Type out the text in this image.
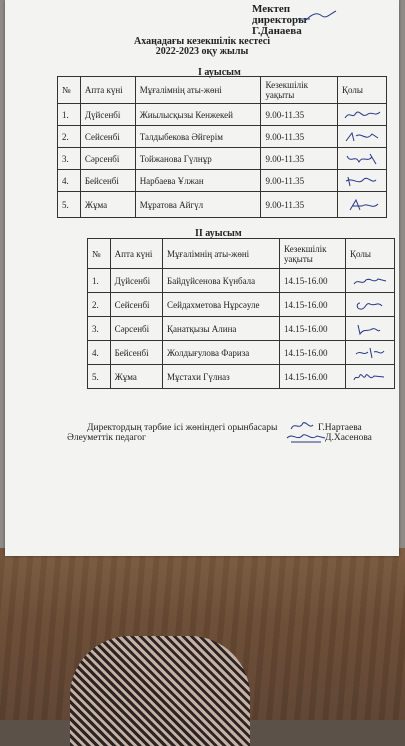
Мектеп директоры
Г.Данаева
Ахаңадағы кезекшілік кестесі
2022-2023 оқу жылы
I ауысым
№	Апта күні	Мұғалімнің аты-жөні	Кезекшілік уақыты	Қолы
1.	Дүйсенбі	Жиылысқызы Кенжекей	9.00-11.35	

2.	Сейсенбі	Талдыбекова Әйгерім	9.00-11.35	

3.	Сәрсенбі	Тойжанова Гүлнұр	9.00-11.35	

4.	Бейсенбі	Нарбаева Ұлжан	9.00-11.35	

5.	Жұма	Мұратова Айгүл	9.00-11.35	
II ауысым
№	Апта күні	Мұғалімнің аты-жөні	Кезекшілік уақыты	Қолы
1.	Дүйсенбі	Байдүйсенова Күнбала	14.15-16.00	

2.	Сейсенбі	Сейдахметова Нұрсәуле	14.15-16.00	

3.	Сәрсенбі	Қанатқызы Алина	14.15-16.00	

4.	Бейсенбі	Жолдығулова Фариза	14.15-16.00	

5.	Жұма	Мұстахи Гүлназ	14.15-16.00	
Директордың тәрбие ісі жөніндегі орынбасары	Г.Нартаева
Әлеуметтік педагог	Д.Хасенова
